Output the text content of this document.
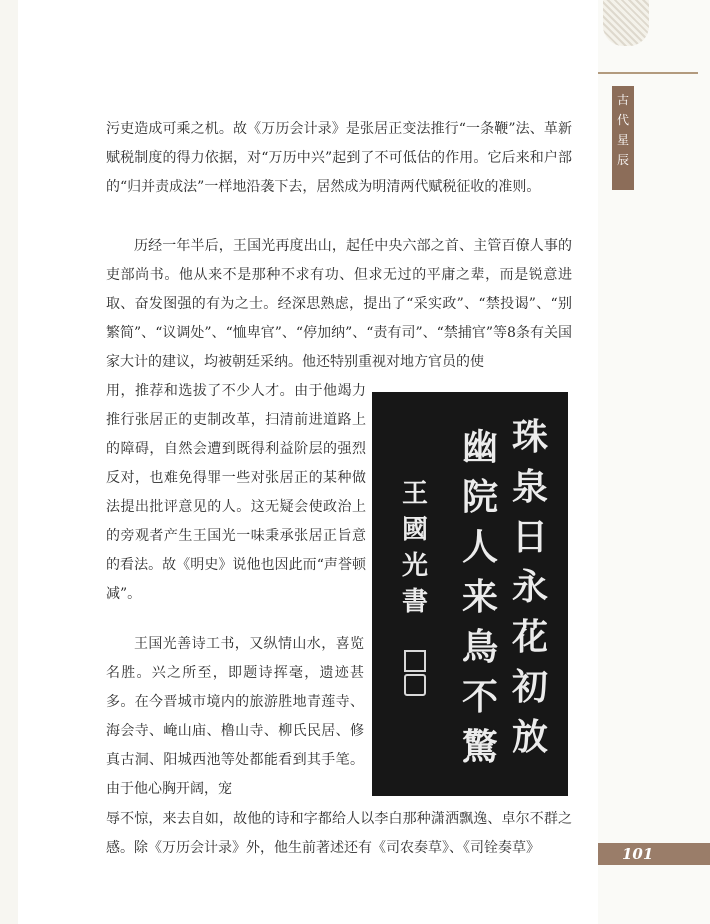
古
代
星
辰
污吏造成可乘之机。故《万历会计录》是张居正变法推行“一条鞭”法、革新赋税制度的得力依据，对“万历中兴”起到了不可低估的作用。它后来和户部的“归并责成法”一样地沿袭下去，居然成为明清两代赋税征收的准则。
历经一年半后，王国光再度出山，起任中央六部之首、主管百僚人事的吏部尚书。他从来不是那种不求有功、但求无过的平庸之辈，而是锐意进取、奋发图强的有为之士。经深思熟虑，提出了“采实政”、“禁投谒”、“别繁简”、“议调处”、“恤卑官”、“停加纳”、“责有司”、“禁捕官”等8条有关国家大计的建议，均被朝廷采纳。他还特别重视对地方官员的使
用，推荐和选拔了不少人才。由于他竭力推行张居正的吏制改革，扫清前进道路上的障碍，自然会遭到既得利益阶层的强烈反对，也难免得罪一些对张居正的某种做法提出批评意见的人。这无疑会使政治上的旁观者产生王国光一味秉承张居正旨意的看法。故《明史》说他也因此而“声誉顿减”。
王国光善诗工书，又纵情山水，喜览名胜。兴之所至，即题诗挥毫，遗迹甚多。在今晋城市境内的旅游胜地青莲寺、海会寺、崦山庙、橹山寺、柳氏民居、修真古洞、阳城西池等处都能看到其手笔。由于他心胸开阔，宠
辱不惊，来去自如，故他的诗和字都给人以李白那种潇洒飘逸、卓尔不群之感。除《万历会计录》外，他生前著述还有《司农奏草》、《司铨奏草》
珠
泉
日
永
花
初
放
幽
院
人
来
鳥
不
驚
王
國
光
書
101
